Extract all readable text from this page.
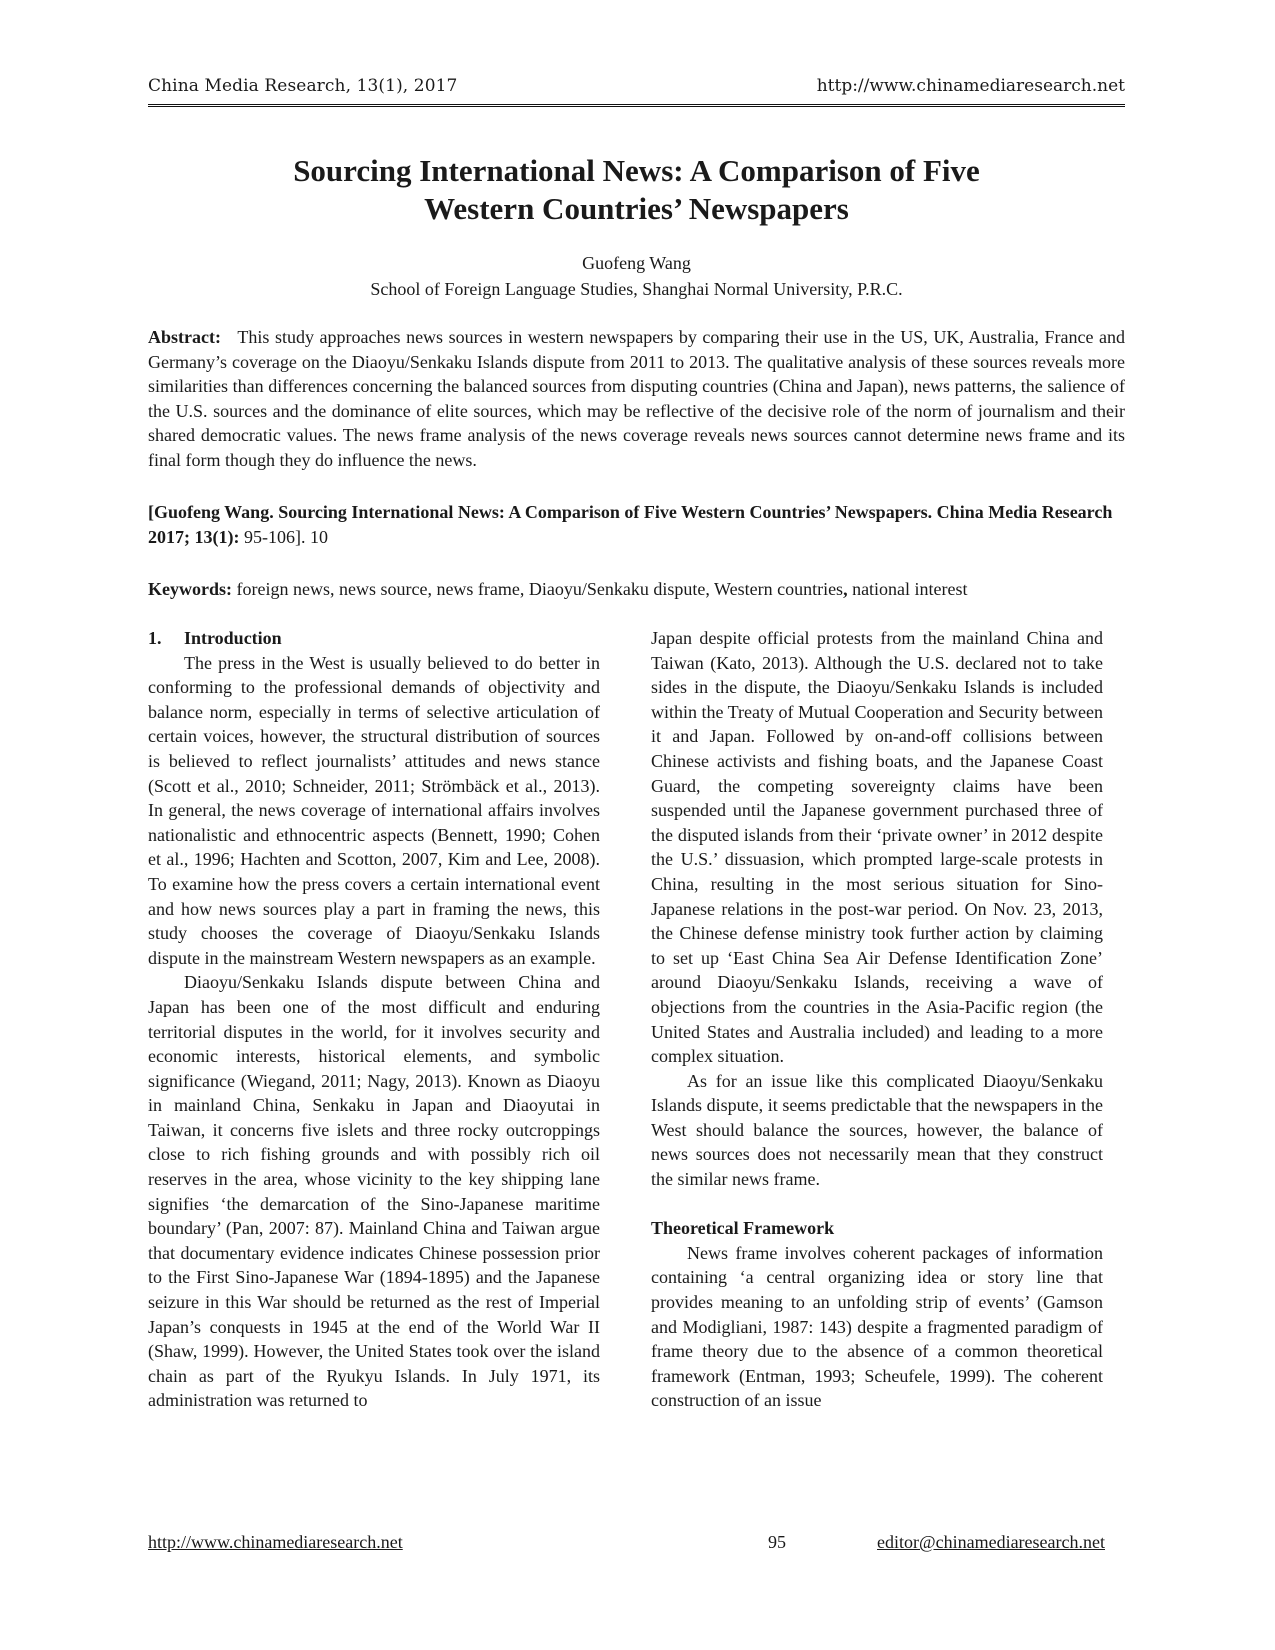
China Media Research, 13(1), 2017	http://www.chinamediaresearch.net
Sourcing International News: A Comparison of Five
Western Countries’ Newspapers
Guofeng Wang
School of Foreign Language Studies, Shanghai Normal University, P.R.C.
Abstract: This study approaches news sources in western newspapers by comparing their use in the US, UK, Australia, France and Germany’s coverage on the Diaoyu/Senkaku Islands dispute from 2011 to 2013. The qualitative analysis of these sources reveals more similarities than differences concerning the balanced sources from disputing countries (China and Japan), news patterns, the salience of the U.S. sources and the dominance of elite sources, which may be reflective of the decisive role of the norm of journalism and their shared democratic values. The news frame analysis of the news coverage reveals news sources cannot determine news frame and its final form though they do influence the news.
[Guofeng Wang. Sourcing International News: A Comparison of Five Western Countries’ Newspapers. China Media Research 2017; 13(1): 95-106]. 10
Keywords: foreign news, news source, news frame, Diaoyu/Senkaku dispute, Western countries, national interest

1. Introduction

The press in the West is usually believed to do better in conforming to the professional demands of objectivity and balance norm, especially in terms of selective articulation of certain voices, however, the structural distribution of sources is believed to reflect journalists’ attitudes and news stance (Scott et al., 2010; Schneider, 2011; Strömbäck et al., 2013). In general, the news coverage of international affairs involves nationalistic and ethnocentric aspects (Bennett, 1990; Cohen et al., 1996; Hachten and Scotton, 2007, Kim and Lee, 2008). To examine how the press covers a certain international event and how news sources play a part in framing the news, this study chooses the coverage of Diaoyu/Senkaku Islands dispute in the mainstream Western newspapers as an example.

Diaoyu/Senkaku Islands dispute between China and Japan has been one of the most difficult and enduring territorial disputes in the world, for it involves security and economic interests, historical elements, and symbolic significance (Wiegand, 2011; Nagy, 2013). Known as Diaoyu in mainland China, Senkaku in Japan and Diaoyutai in Taiwan, it concerns five islets and three rocky outcroppings close to rich fishing grounds and with possibly rich oil reserves in the area, whose vicinity to the key shipping lane signifies ‘the demarcation of the Sino-Japanese maritime boundary’ (Pan, 2007: 87). Mainland China and Taiwan argue that documentary evidence indicates Chinese possession prior to the First Sino-Japanese War (1894-1895) and the Japanese seizure in this War should be returned as the rest of Imperial Japan’s conquests in 1945 at the end of the World War II (Shaw, 1999). However, the United States took over the island chain as part of the Ryukyu Islands. In July 1971, its administration was returned to

Japan despite official protests from the mainland China and Taiwan (Kato, 2013). Although the U.S. declared not to take sides in the dispute, the Diaoyu/Senkaku Islands is included within the Treaty of Mutual Cooperation and Security between it and Japan. Followed by on-and-off collisions between Chinese activists and fishing boats, and the Japanese Coast Guard, the competing sovereignty claims have been suspended until the Japanese government purchased three of the disputed islands from their ‘private owner’ in 2012 despite the U.S.’ dissuasion, which prompted large-scale protests in China, resulting in the most serious situation for Sino-Japanese relations in the post-war period. On Nov. 23, 2013, the Chinese defense ministry took further action by claiming to set up ‘East China Sea Air Defense Identification Zone’ around Diaoyu/Senkaku Islands, receiving a wave of objections from the countries in the Asia-Pacific region (the United States and Australia included) and leading to a more complex situation.

As for an issue like this complicated Diaoyu/Senkaku Islands dispute, it seems predictable that the newspapers in the West should balance the sources, however, the balance of news sources does not necessarily mean that they construct the similar news frame.

Theoretical Framework

News frame involves coherent packages of information containing ‘a central organizing idea or story line that provides meaning to an unfolding strip of events’ (Gamson and Modigliani, 1987: 143) despite a fragmented paradigm of frame theory due to the absence of a common theoretical framework (Entman, 1993; Scheufele, 1999). The coherent construction of an issue

http://www.chinamediaresearch.net	95	editor@chinamediaresearch.net
